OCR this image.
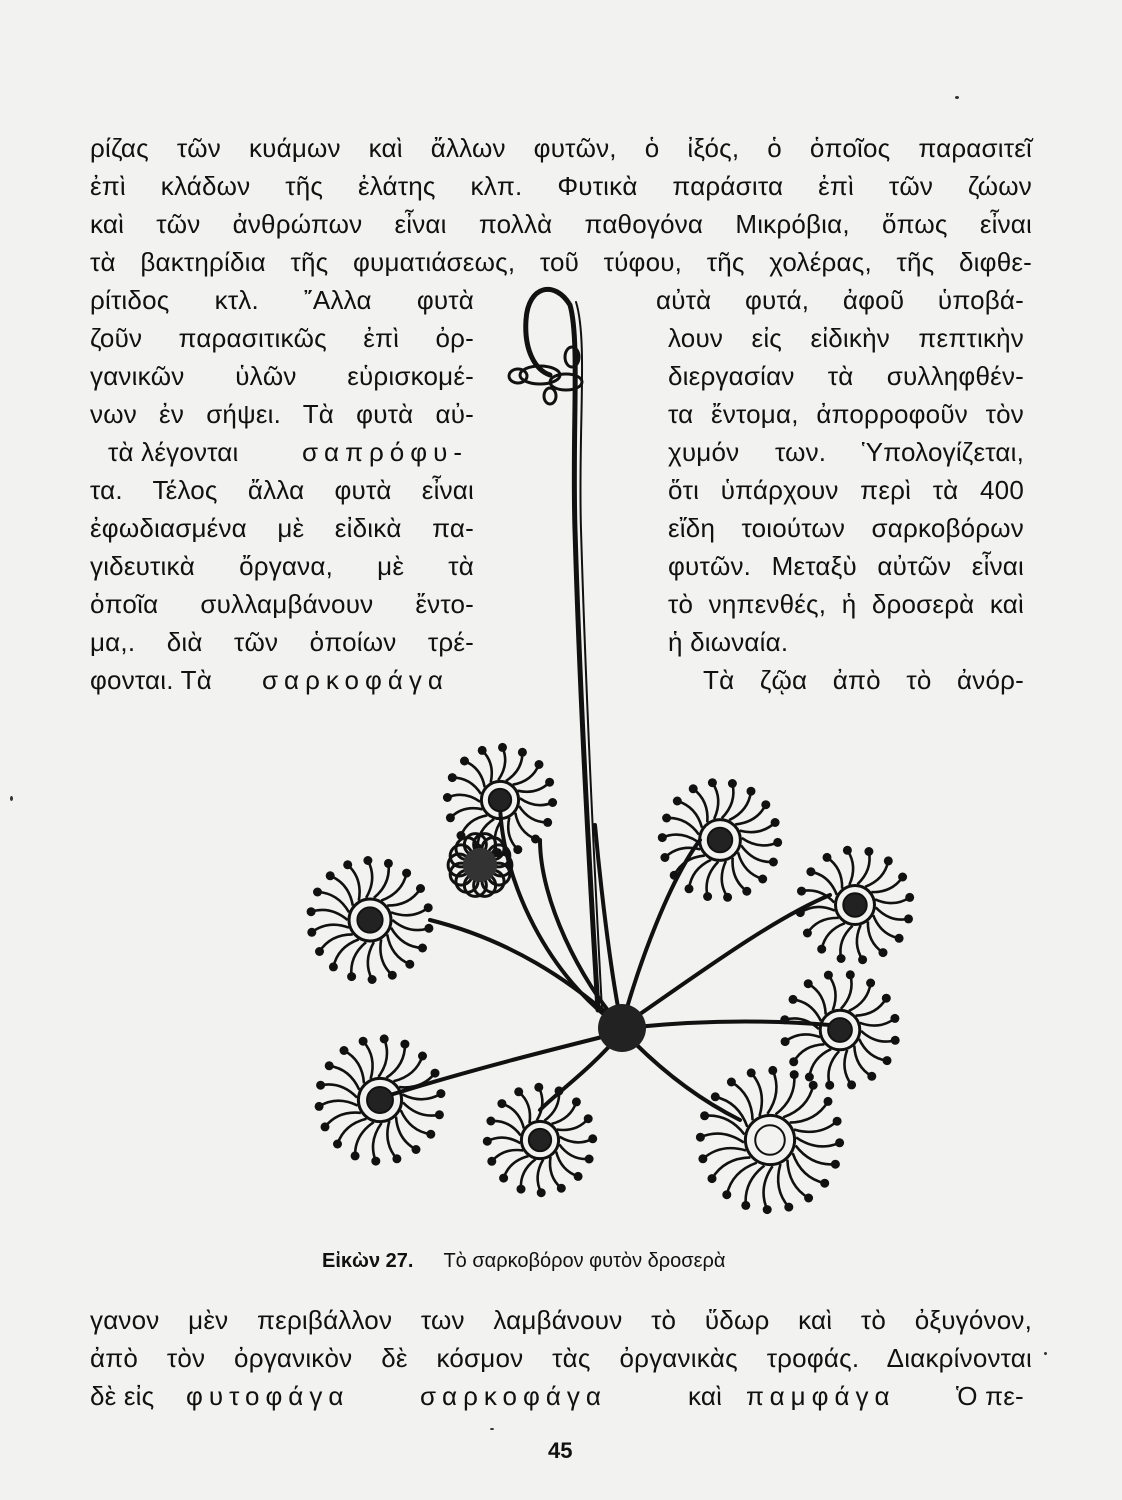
ρίζας τῶν κυάμων καὶ ἄλλων φυτῶν, ὁ ἰξός, ὁ ὁποῖος παρασιτεῖ
ἐπὶ κλάδων τῆς ἐλάτης κλπ. Φυτικὰ παράσιτα ἐπὶ τῶν ζώων
καὶ τῶν ἀνθρώπων εἶναι πολλὰ παθογόνα Μικρόβια, ὅπως εἶναι
τὰ βακτηρίδια τῆς φυματιάσεως, τοῦ τύφου, τῆς χολέρας, τῆς διφθε-
ρίτιδος κτλ. ῎Αλλα φυτὰ
ζοῦν παρασιτικῶς ἐπὶ ὀρ-
γανικῶν ὑλῶν εὑρισκομέ-
νων ἐν σήψει. Τὰ φυτὰ αὐ-
τὰ λέγονται σαπρόφυ-
τα. Τέλος ἄλλα φυτὰ εἶναι
ἐφωδιασμένα μὲ εἰδικὰ πα-
γιδευτικὰ ὄργανα, μὲ τὰ
ὁποῖα συλλαμβάνουν ἔντο-
μα,. διὰ τῶν ὁποίων τρέ-
φονται. Τὰ σαρκοφάγα
αὐτὰ φυτά, ἀφοῦ ὑποβά-
λουν εἰς εἰδικὴν πεπτικὴν
διεργασίαν τὰ συλληφθέν-
τα ἔντομα, ἀπορροφοῦν τὸν
χυμόν των. Ὑπολογίζεται,
ὅτι ὑπάρχουν περὶ τὰ 400
εἴδη τοιούτων σαρκοβόρων
φυτῶν. Μεταξὺ αὐτῶν εἶναι
τὸ νηπενθές, ἡ δροσερὰ καὶ
ἡ διωναία.
Τὰ ζῷα ἀπὸ τὸ ἀνόρ-
Εἰκὼν 27. Τὸ σαρκοβόρον φυτὸν δροσερὰ
γανον μὲν περιβάλλον των λαμβάνουν τὸ ὕδωρ καὶ τὸ ὀξυγόνον,
ἀπὸ τὸν ὀργανικὸν δὲ κόσμον τὰς ὀργανικὰς τροφάς. Διακρίνονται
δὲ εἰς φυτοφάγα	σαρκοφάγα	καὶ παμφάγα Ὁ πε-
45
